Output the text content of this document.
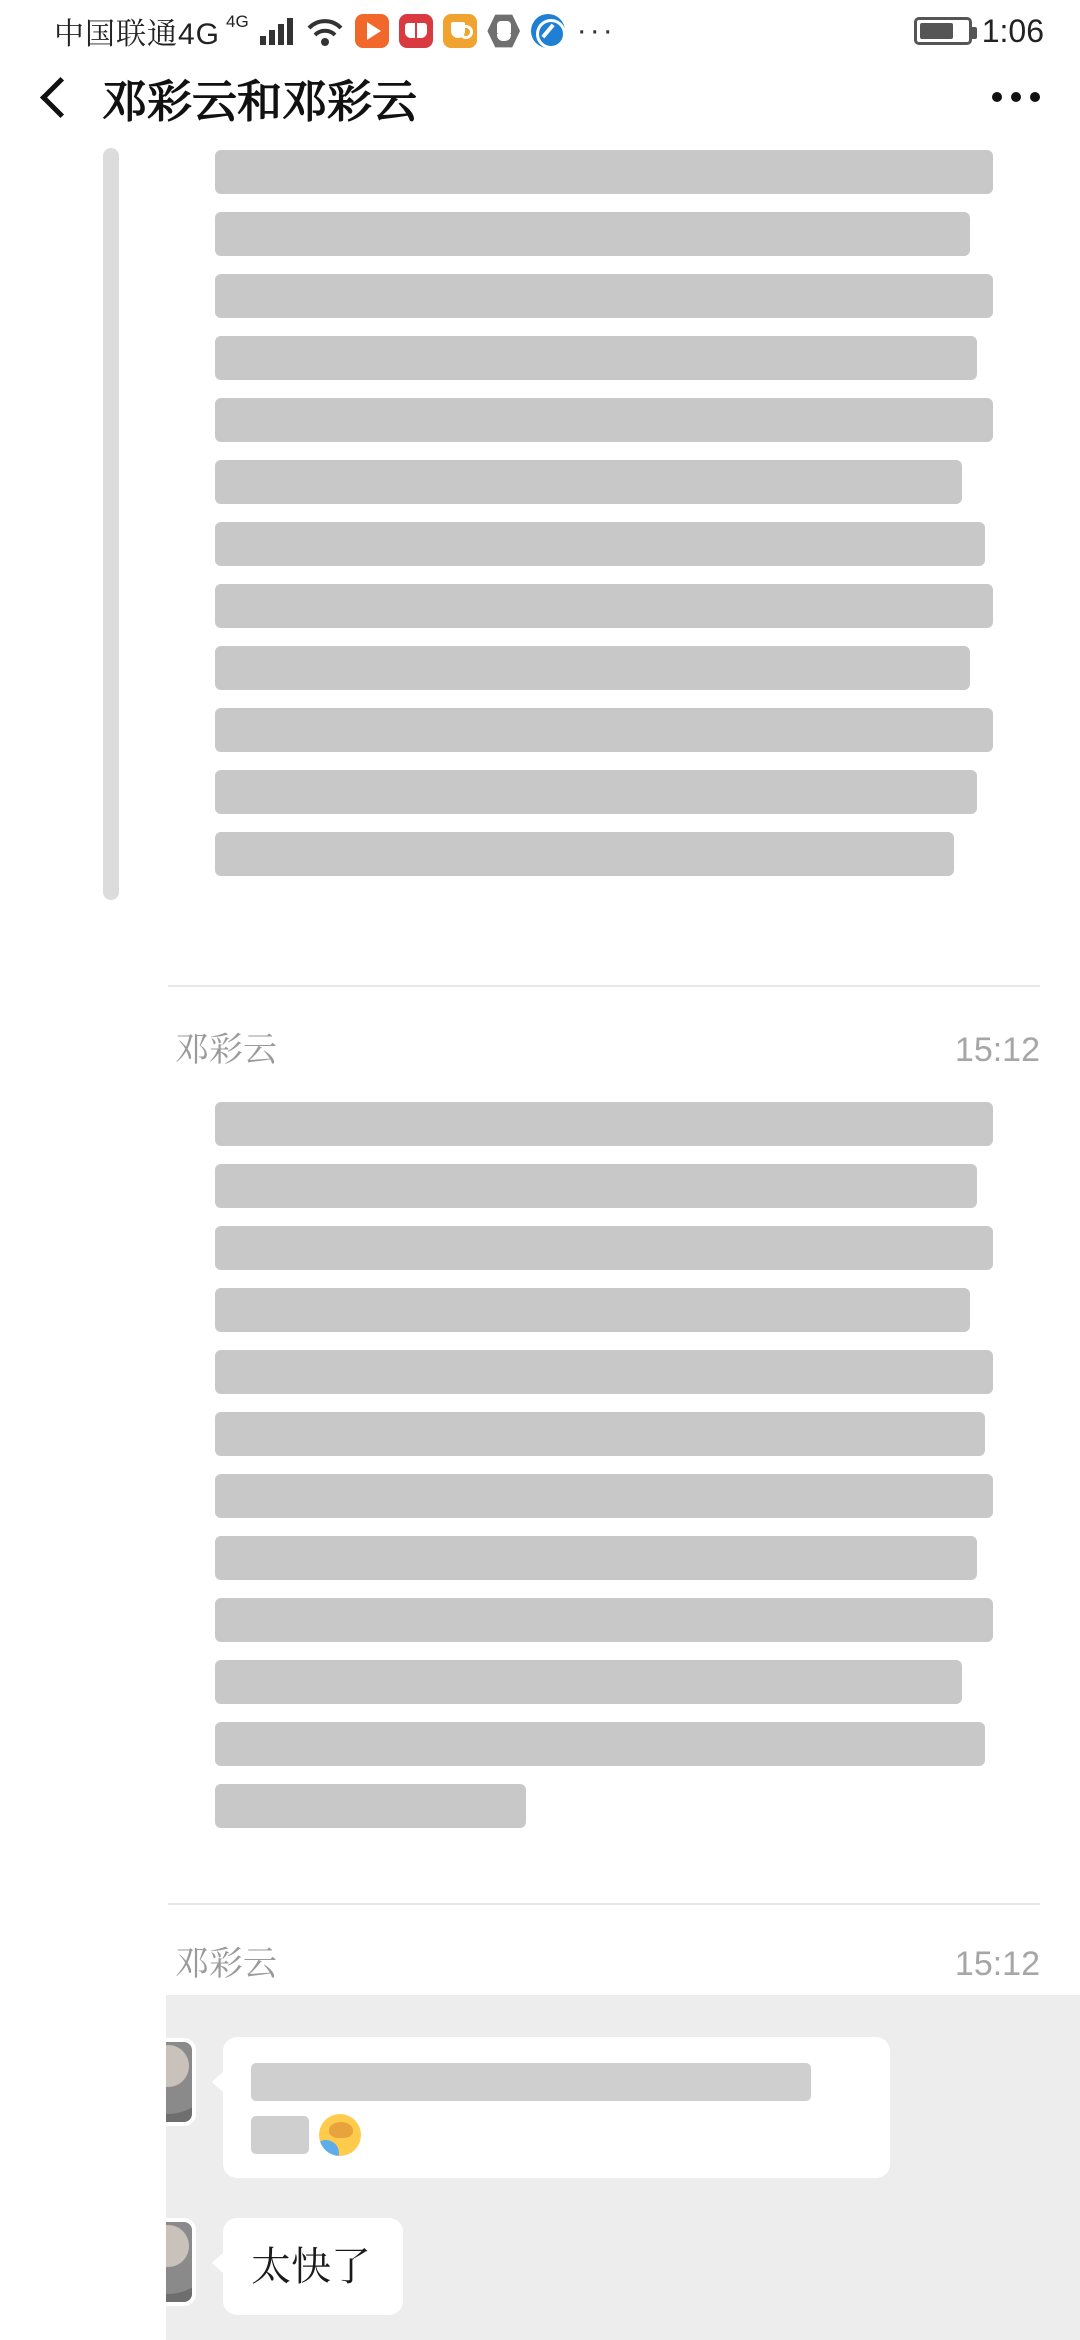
中国联通4G 4G	···	1:06
邓彩云和邓彩云
邓彩云	15:12
邓彩云	15:12
太快了
